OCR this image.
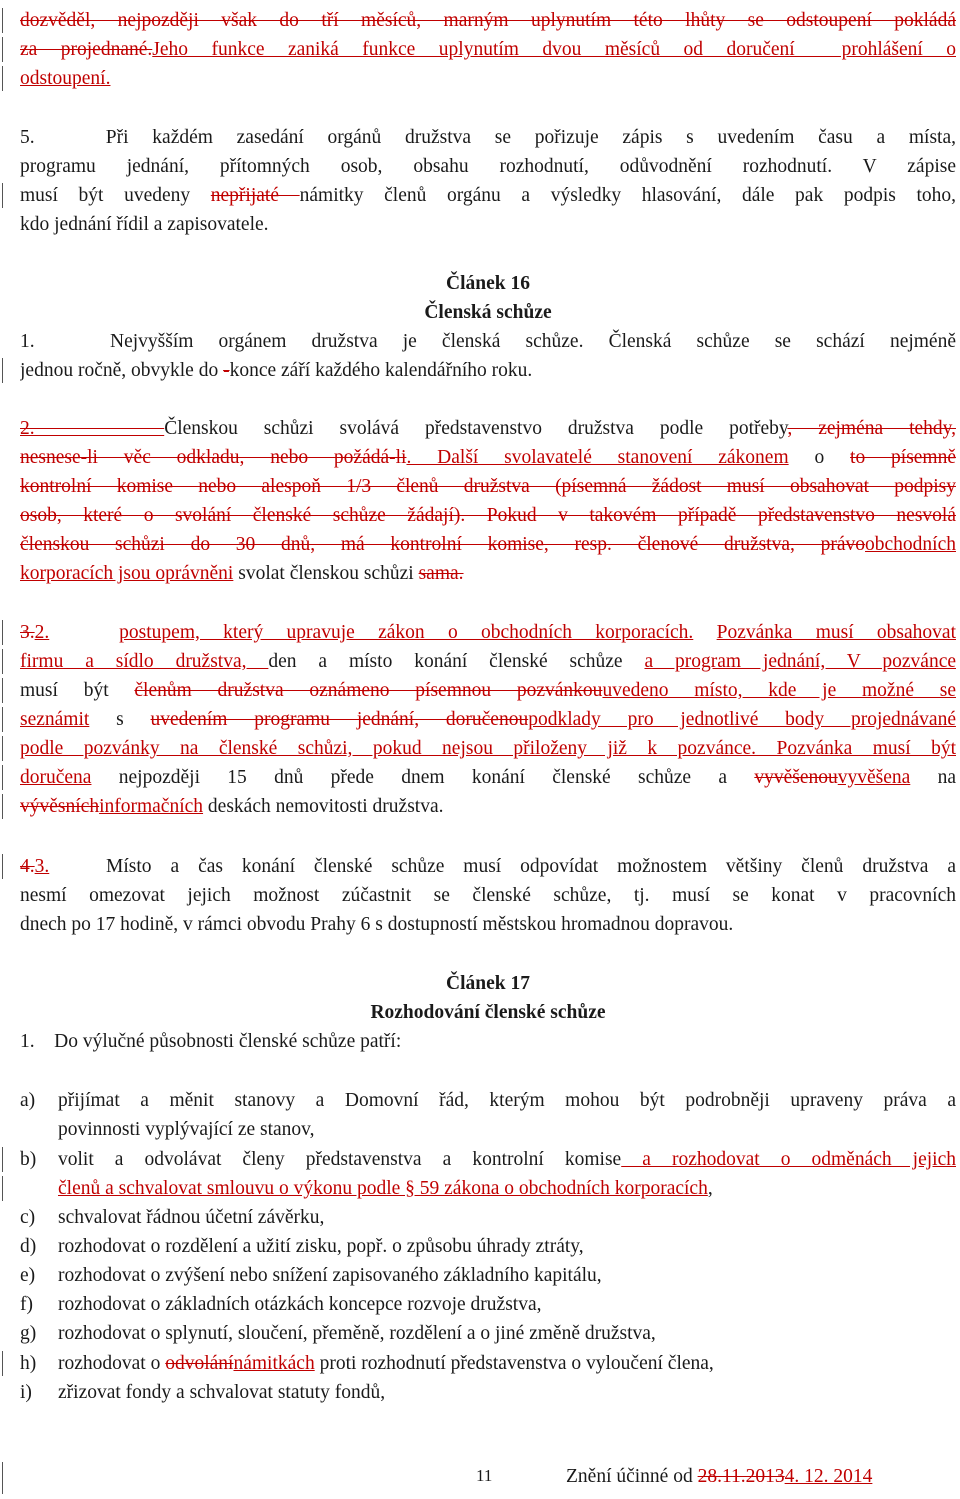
dozvěděl, nejpozději však do tří měsíců, marným uplynutím této lhůty se odstoupení pokládá
za projednané.Jeho funkce zaniká funkce uplynutím dvou měsíců od doručení  prohlášení o
odstoupení.
5.   Při každém zasedání orgánů družstva se pořizuje zápis s uvedením času a místa,
programu jednání, přítomných osob, obsahu rozhodnutí, odůvodnění rozhodnutí. V zápise
musí být uvedeny nepřijaté námitky členů orgánu a výsledky hlasování, dále pak podpis toho,
kdo jednání řídil a zapisovatele.
Článek 16
Členská schůze
1.   Nejvyšším orgánem družstva je členská schůze. Členská schůze se schází nejméně
jednou ročně, obvykle do -konce září každého kalendářního roku.
2.     Členskou schůzi svolává představenstvo družstva podle potřeby, zejména tehdy,
nesnese-li věc odkladu, nebo požádá-li. Další svolavatelé stanovení zákonem o to písemně
kontrolní komise nebo alespoň 1/3 členů družstva (písemná žádost musí obsahovat podpisy
osob, které o svolání členské schůze žádají). Pokud v takovém případě představenstvo nesvolá
členskou schůzi do 30 dnů, má kontrolní komise, resp. členové družstva, právoobchodních
korporacích jsou oprávněni svolat členskou schůzi sama.
3.2.	postupem, který upravuje zákon o obchodních korporacích. Pozvánka musí obsahovat
firmu a sídlo družstva, den a místo konání členské schůze a program jednání, V pozvánce
musí být členům družstva oznámeno písemnou pozvánkouuvedeno místo, kde je možné se
seznámit s uvedením programu jednání, doručenoupodklady pro jednotlivé body projednávané
podle pozvánky na členské schůzi, pokud nejsou přiloženy již k pozvánce. Pozvánka musí být
doručena nejpozději 15 dnů přede dnem konání členské schůze a vyvěšenouvyvěšena na
vývěsníchinformačních deskách nemovitosti družstva.
4.3.   Místo a čas konání členské schůze musí odpovídat možnostem většiny členů družstva a
nesmí omezovat jejich možnost zúčastnit se členské schůze, tj. musí se konat v pracovních
dnech po 17 hodině, v rámci obvodu Prahy 6 s dostupností městskou hromadnou dopravou.
Článek 17
Rozhodování členské schůze
1.    Do výlučné působnosti členské schůze patří:
a) přijímat a měnit stanovy a Domovní řád, kterým mohou být podrobněji upraveny práva a
povinnosti vyplývající ze stanov,
b) volit a odvolávat členy představenstva a kontrolní komise a rozhodovat o odměnách jejich
členů a schvalovat smlouvu o výkonu podle § 59 zákona o obchodních korporacích,
c) schvalovat řádnou účetní závěrku,
d) rozhodovat o rozdělení a užití zisku, popř. o způsobu úhrady ztráty,
e) rozhodovat o zvýšení nebo snížení zapisovaného základního kapitálu,
f) rozhodovat o základních otázkách koncepce rozvoje družstva,
g) rozhodovat o splynutí, sloučení, přeměně, rozdělení a o jiné změně družstva,
h) rozhodovat o odvolánínámitkách proti rozhodnutí představenstva o vyloučení člena,
i) zřizovat fondy a schvalovat statuty fondů,
11	Znění účinné od 28.11.20134. 12. 2014
